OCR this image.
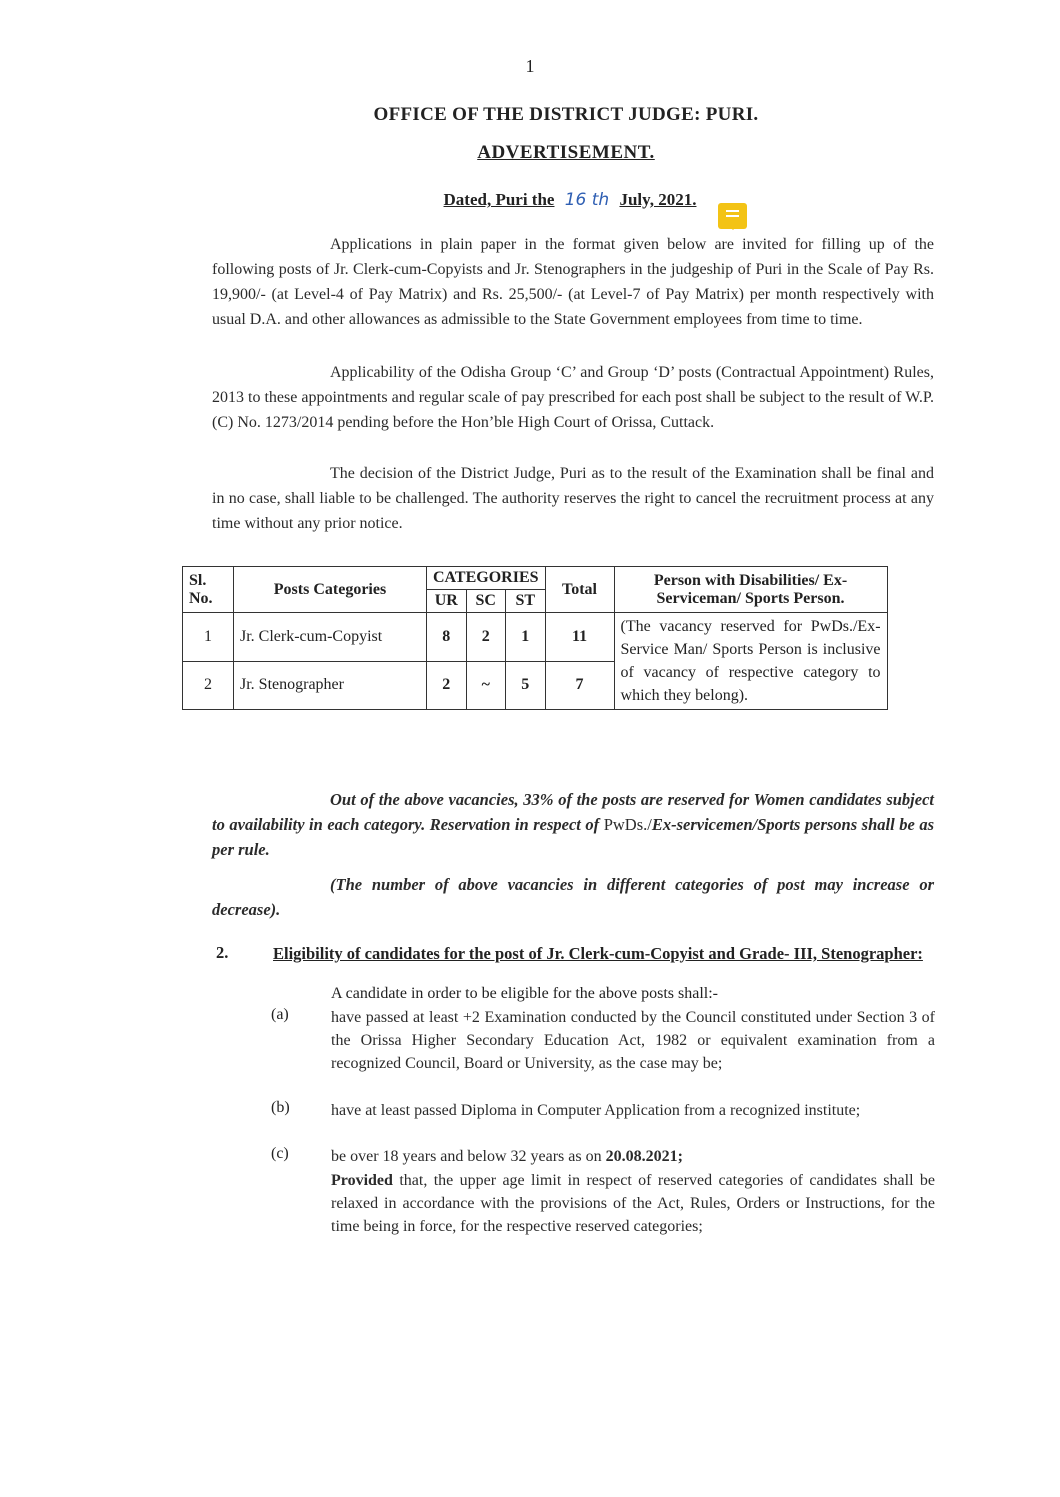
1
OFFICE OF THE DISTRICT JUDGE: PURI.
ADVERTISEMENT.
Dated, Puri the 16 th July, 2021.
Applications in plain paper in the format given below are invited for filling up of the following posts of Jr. Clerk-cum-Copyists and Jr. Stenographers in the judgeship of Puri in the Scale of Pay Rs. 19,900/- (at Level-4 of Pay Matrix) and Rs. 25,500/- (at Level-7 of Pay Matrix) per month respectively with usual D.A. and other allowances as admissible to the State Government employees from time to time.
Applicability of the Odisha Group ‘C’ and Group ‘D’ posts (Contractual Appointment) Rules, 2013 to these appointments and regular scale of pay prescribed for each post shall be subject to the result of W.P. (C) No. 1273/2014 pending before the Hon’ble High Court of Orissa, Cuttack.
The decision of the District Judge, Puri as to the result of the Examination shall be final and in no case, shall liable to be challenged. The authority reserves the right to cancel the recruitment process at any time without any prior notice.
Sl. No.	Posts Categories	CATEGORIES			Total	Person with Disabilities/ Ex-Serviceman/ Sports Person.
		UR	SC	ST		
1	Jr. Clerk-cum-Copyist	8	2	1	11	(The vacancy reserved for PwDs./Ex-Service Man/ Sports Person is inclusive of vacancy of respective category to which they belong).
2	Jr. Stenographer	2	~	5	7	
Out of the above vacancies, 33% of the posts are reserved for Women candidates subject to availability in each category. Reservation in respect of PwDs./Ex-servicemen/Sports persons shall be as per rule.
(The number of above vacancies in different categories of post may increase or decrease).
2.	Eligibility of candidates for the post of Jr. Clerk-cum-Copyist and Grade- III, Stenographer:
A candidate in order to be eligible for the above posts shall:-
(a)	have passed at least +2 Examination conducted by the Council constituted under Section 3 of the Orissa Higher Secondary Education Act, 1982 or equivalent examination from a recognized Council, Board or University, as the case may be;
(b)	have at least passed Diploma in Computer Application from a recognized institute;
(c)	be over 18 years and below 32 years as on 20.08.2021;
Provided that, the upper age limit in respect of reserved categories of candidates shall be relaxed in accordance with the provisions of the Act, Rules, Orders or Instructions, for the time being in force, for the respective reserved categories;
